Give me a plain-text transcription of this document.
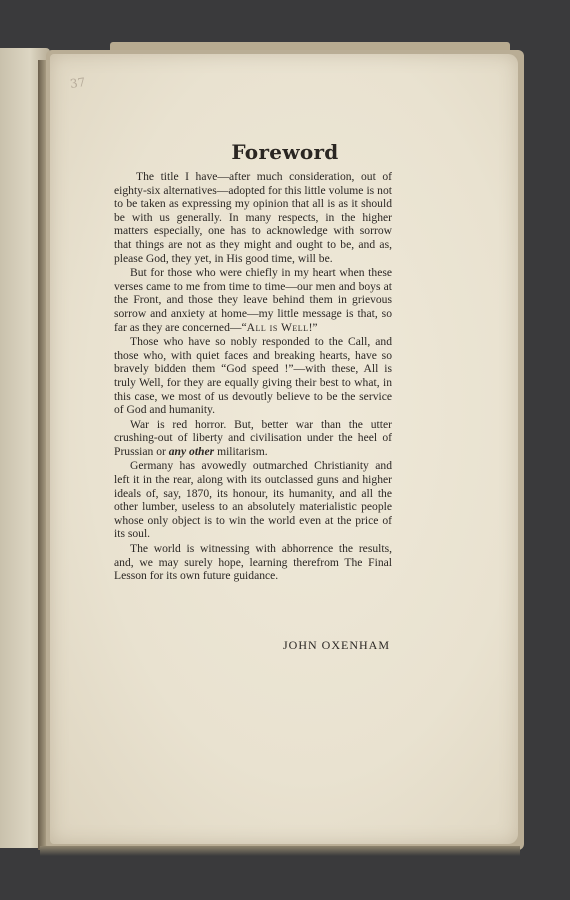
37
Foreword

The title I have—after much consideration, out of eighty-six alternatives—adopted for this little volume is not to be taken as expressing my opinion that all is as it should be with us generally. In many respects, in the higher matters especially, one has to acknowledge with sorrow that things are not as they might and ought to be, and as, please God, they yet, in His good time, will be.

But for those who were chiefly in my heart when these verses came to me from time to time—our men and boys at the Front, and those they leave behind them in grievous sorrow and anxiety at home—my little message is that, so far as they are concerned—“All is Well!”

Those who have so nobly responded to the Call, and those who, with quiet faces and breaking hearts, have so bravely bidden them “God speed !”—with these, All is truly Well, for they are equally giving their best to what, in this case, we most of us devoutly believe to be the service of God and humanity.

War is red horror. But, better war than the utter crushing-out of liberty and civilisation under the heel of Prussian or any other militarism.

Germany has avowedly outmarched Christianity and left it in the rear, along with its outclassed guns and higher ideals of, say, 1870, its honour, its humanity, and all the other lumber, useless to an absolutely materialistic people whose only object is to win the world even at the price of its soul.

The world is witnessing with abhorrence the results, and, we may surely hope, learning therefrom The Final Lesson for its own future guidance.

JOHN OXENHAM
